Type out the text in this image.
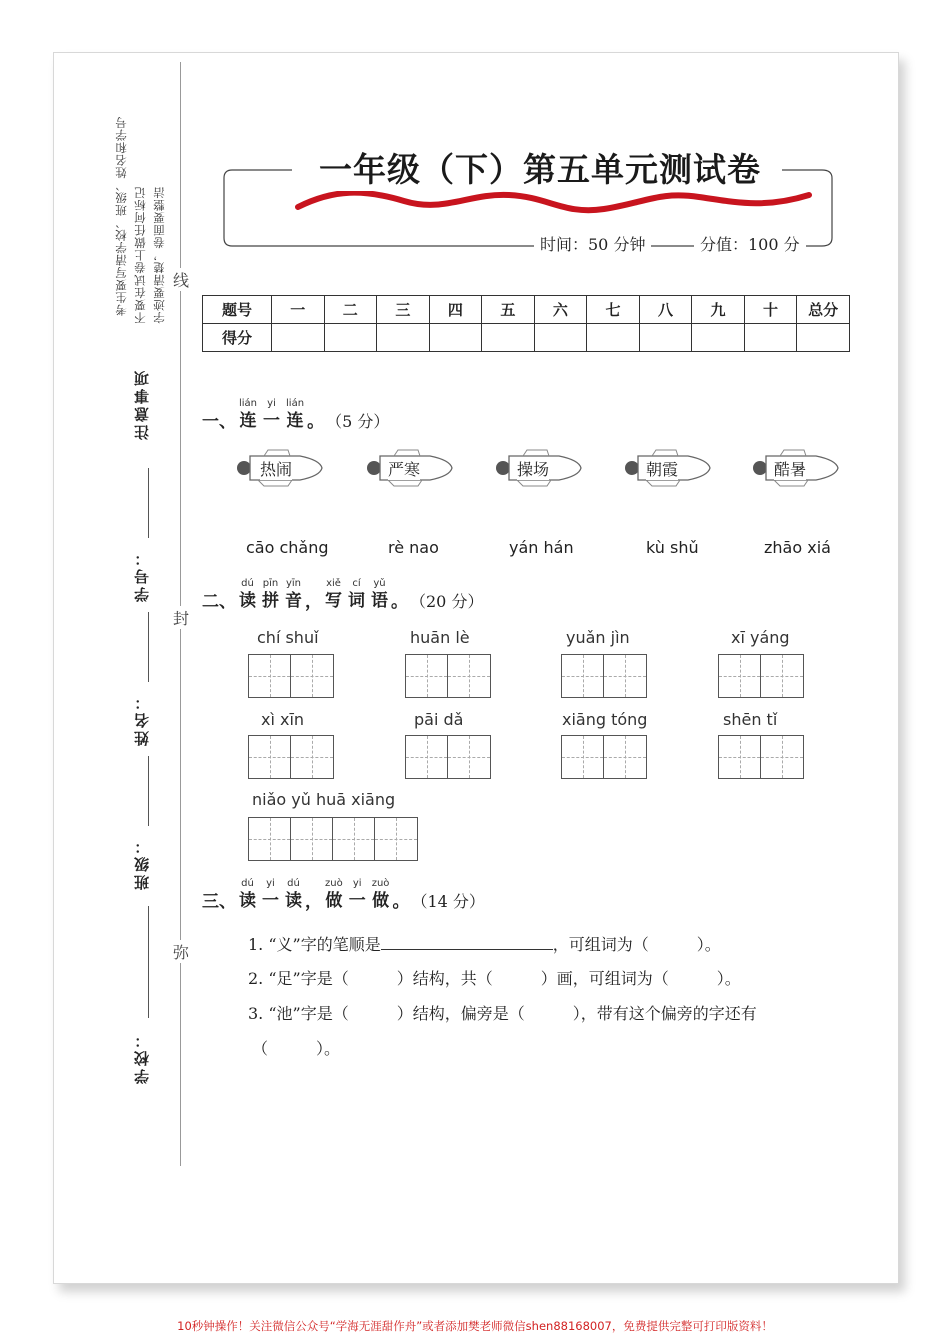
考生要写清学校、班级、姓名和学号 不要在试卷上做任何标记 字迹要清楚，卷面要整洁
注意事项
学号：
姓名：
班级：
学校：
线
封
弥
一年级（下）第五单元测试卷
时间：50 分钟	分值：100 分
题号	一	二	三	四	五	六	七	八	九	十	总分
得分											
一、
lián
连
yi
一
lián
连 。 （5 分）
热闹	严寒	操场	朝霞	酷暑
cāo chǎng	rè nao	yán hán	kù shǔ	zhāo xiá
二、
dú
读
pīn
拼
yīn
音 ，
xiě
写
cí
词
yǔ
语 。 （20 分）
chí shuǐ	huān lè	yuǎn jìn	xī yáng
xì xīn	pāi dǎ	xiāng tóng	shēn tǐ
niǎo yǔ huā xiāng
三、
dú
读
yi
一
dú
读 ，
zuò
做
yi
一
zuò
做 。 （14 分）
1. “义”字的笔顺是	，可组词为（　　　）。
2. “足”字是（　　　）结构，共（　　　）画，可组词为（　　　）。
3. “池”字是（　　　）结构，偏旁是（　　　），带有这个偏旁的字还有
（　　　）。
10秒钟操作！关注微信公众号“学海无涯甜作舟”或者添加樊老师微信shen88168007，免费提供完整可打印版资料！
